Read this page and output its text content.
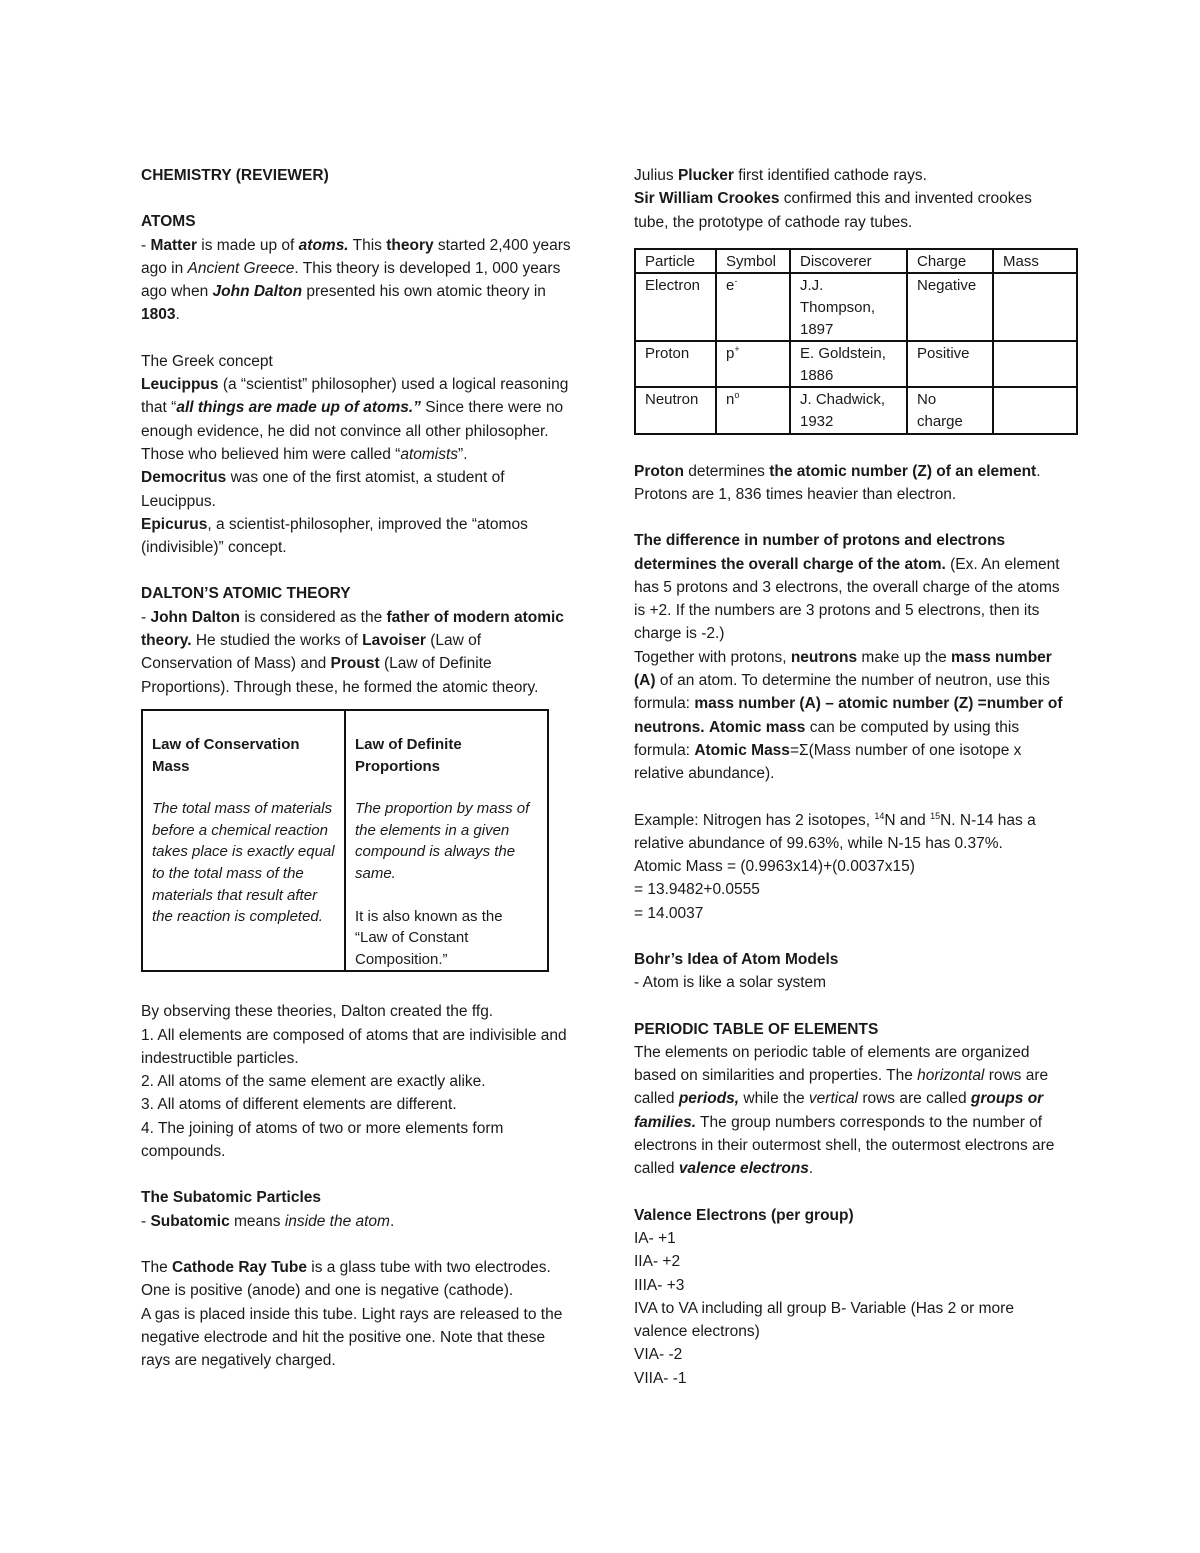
CHEMISTRY (REVIEWER)

ATOMS

- Matter is made up of atoms. This theory started 2,400 years ago in Ancient Greece. This theory is developed 1, 000 years ago when John Dalton presented his own atomic theory in 1803.

The Greek concept

Leucippus (a “scientist” philosopher) used a logical reasoning that “all things are made up of atoms.” Since there were no enough evidence, he did not convince all other philosopher. Those who believed him were called “atomists”.

Democritus was one of the first atomist, a student of Leucippus.

Epicurus, a scientist-philosopher, improved the “atomos (indivisible)” concept.

DALTON’S ATOMIC THEORY

- John Dalton is considered as the father of modern atomic theory. He studied the works of Lavoiser (Law of Conservation of Mass) and Proust (Law of Definite Proportions). Through these, he formed the atomic theory.

Law of Conservation Mass

The total mass of materials before a chemical reaction takes place is exactly equal to the total mass of the materials that result after the reaction is completed.

Law of Definite Proportions

The proportion by mass of the elements in a given compound is always the same.

It is also known as the “Law of Constant Composition.”

By observing these theories, Dalton created the ffg.

1. All elements are composed of atoms that are indivisible and indestructible particles.

2. All atoms of the same element are exactly alike.

3. All atoms of different elements are different.

4. The joining of atoms of two or more elements form compounds.

The Subatomic Particles

- Subatomic means inside the atom.

The Cathode Ray Tube is a glass tube with two electrodes. One is positive (anode) and one is negative (cathode).

A gas is placed inside this tube. Light rays are released to the negative electrode and hit the positive one. Note that these rays are negatively charged.

Julius Plucker first identified cathode rays.

Sir William Crookes confirmed this and invented crookes tube, the prototype of cathode ray tubes.

Particle	Symbol	Discoverer	Charge	Mass
Electron	e-	J.J. Thompson, 1897	Negative	
Proton	p+	E. Goldstein, 1886	Positive	
Neutron	$n^o$	J. Chadwick, 1932	No charge	

Proton determines the atomic number (Z) of an element. Protons are 1, 836 times heavier than electron.

The difference in number of protons and electrons determines the overall charge of the atom. (Ex. An element has 5 protons and 3 electrons, the overall charge of the atoms is +2. If the numbers are 3 protons and 5 electrons, then its charge is -2.)

Together with protons, neutrons make up the mass number (A) of an atom. To determine the number of neutron, use this formula: mass number (A) – atomic number (Z) =number of neutrons. Atomic mass can be computed by using this formula: Atomic Mass=Σ(Mass number of one isotope x relative abundance).

Example: Nitrogen has 2 isotopes, $^{14}$N and $^{15}$N. N-14 has a relative abundance of 99.63%, while N-15 has 0.37%.

Atomic Mass = (0.9963x14)+(0.0037x15)

= 13.9482+0.0555

= 14.0037

Bohr’s Idea of Atom Models

- Atom is like a solar system

PERIODIC TABLE OF ELEMENTS

The elements on periodic table of elements are organized based on similarities and properties. The horizontal rows are called periods, while the vertical rows are called groups or families. The group numbers corresponds to the number of electrons in their outermost shell, the outermost electrons are called valence electrons.

Valence Electrons (per group)

IA- +1

IIA- +2

IIIA- +3

IVA to VA including all group B- Variable (Has 2 or more valence electrons)

VIA- -2

VIIA- -1
